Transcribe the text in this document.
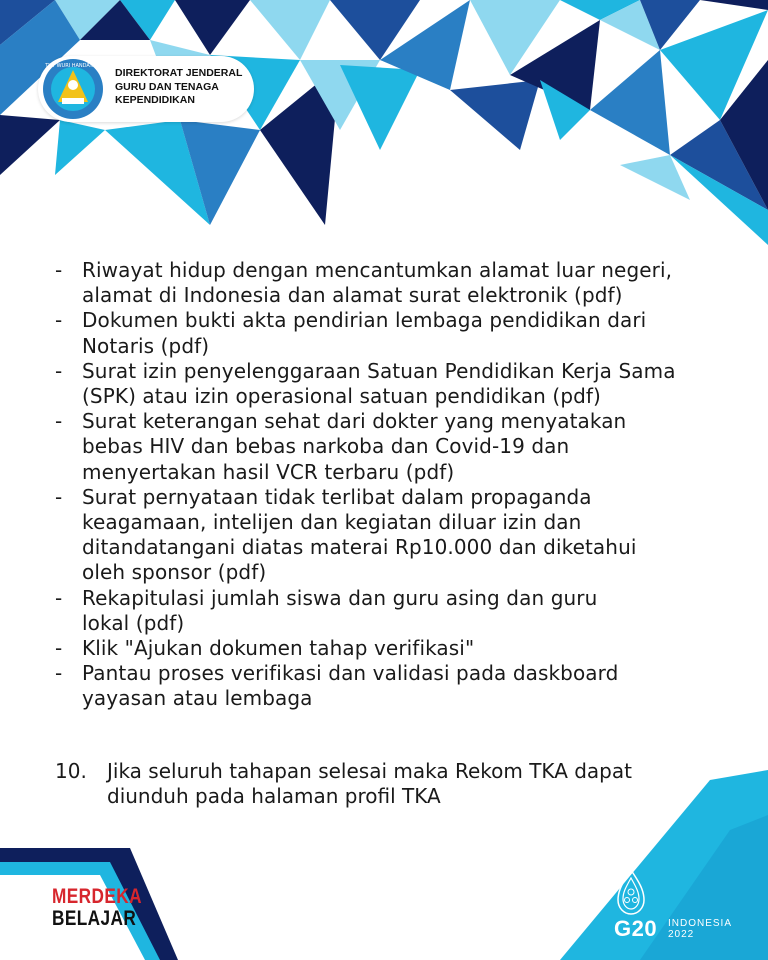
TUT WURI HANDAYANI
DIREKTORAT JENDERAL
GURU DAN TENAGA
KEPENDIDIKAN
- Riwayat hidup dengan mencantumkan alamat luar negeri,
alamat di Indonesia dan alamat surat elektronik (pdf)
- Dokumen bukti akta pendirian lembaga pendidikan dari
Notaris (pdf)
- Surat izin penyelenggaraan Satuan Pendidikan Kerja Sama
(SPK) atau izin operasional satuan pendidikan (pdf)
- Surat keterangan sehat dari dokter yang menyatakan
bebas HIV dan bebas narkoba dan Covid-19 dan
menyertakan hasil VCR terbaru (pdf)
- Surat pernyataan tidak terlibat dalam propaganda
keagamaan, intelijen dan kegiatan diluar izin dan
ditandatangani diatas materai Rp10.000 dan diketahui
oleh sponsor (pdf)
- Rekapitulasi jumlah siswa dan guru asing dan guru
lokal (pdf)
- Klik "Ajukan dokumen tahap verifikasi"
- Pantau proses verifikasi dan validasi pada daskboard
yayasan atau lembaga
10.	Jika seluruh tahapan selesai maka Rekom TKA dapat
diunduh pada halaman profil TKA
MERDEKA
BELAJAR	G20 INDONESIA
2022
